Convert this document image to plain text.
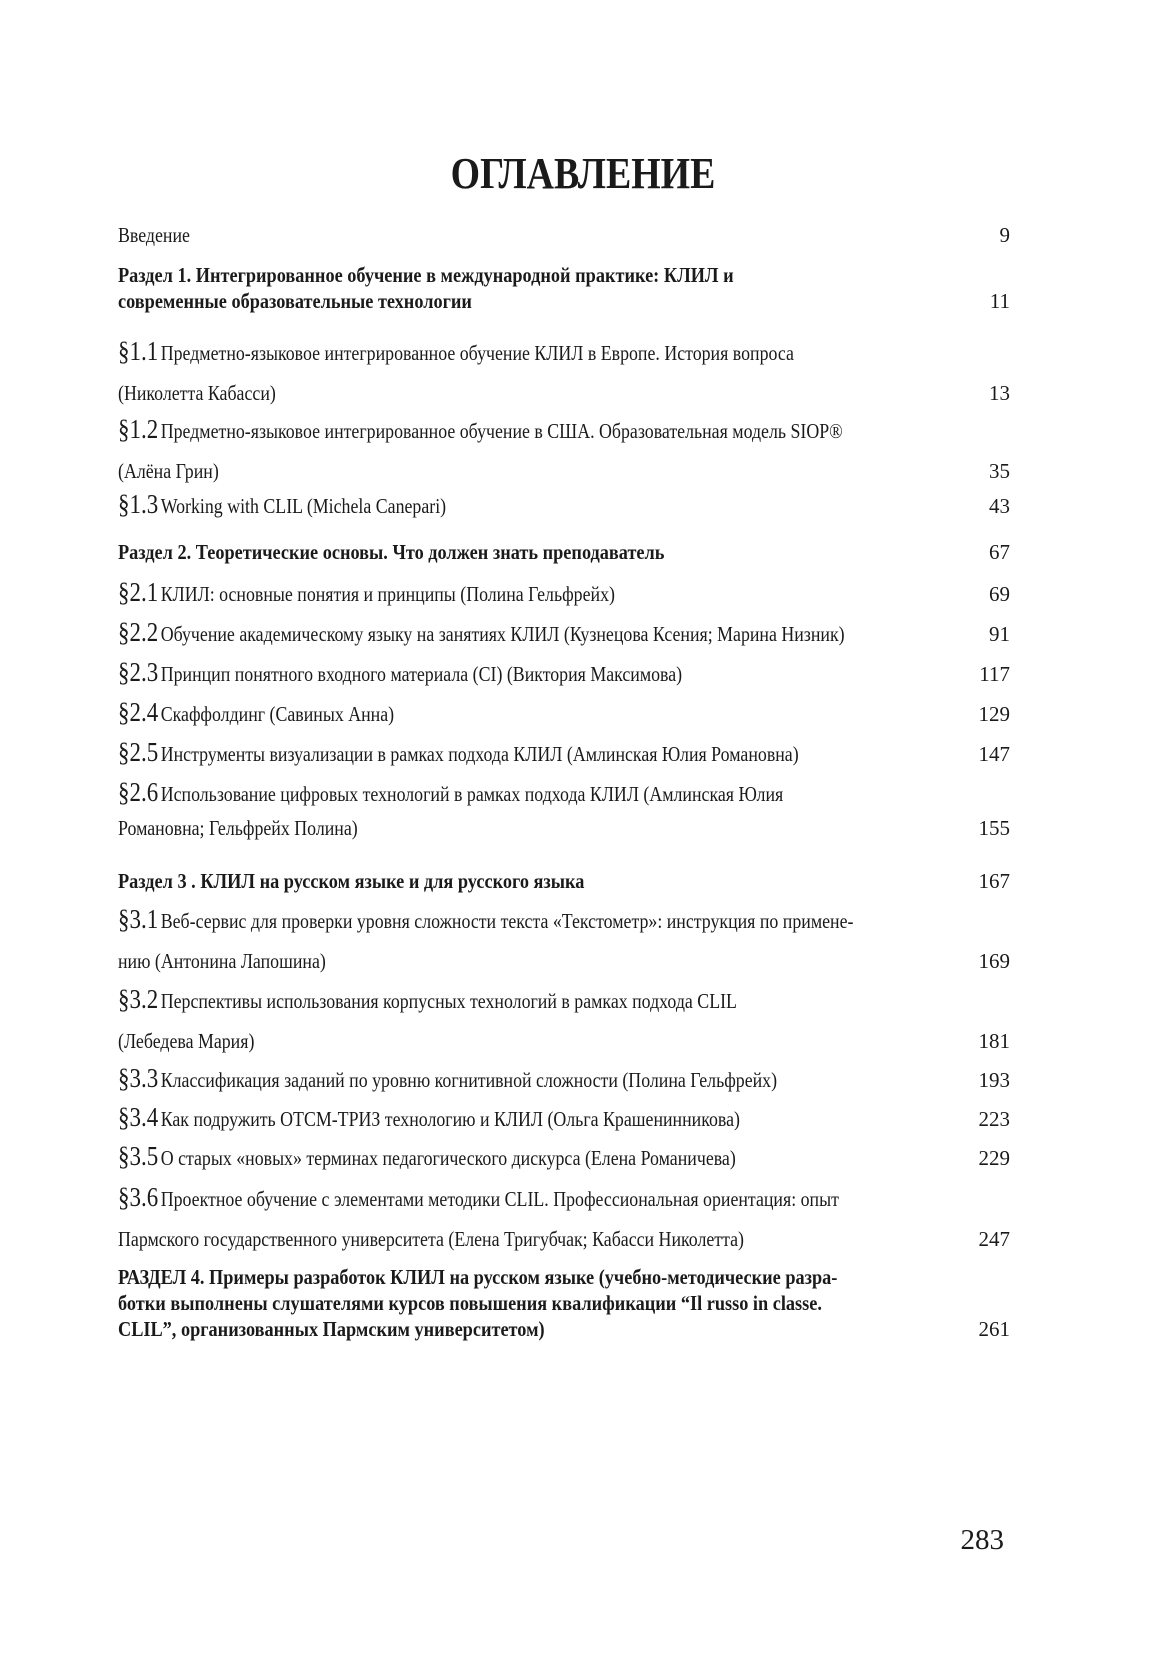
ОГЛАВЛЕНИЕ
Введение	9
Раздел 1. Интегрированное обучение в международной практике: КЛИЛ и
современные образовательные технологии	11
§1.1 Предметно-языковое интегрированное обучение КЛИЛ в Европе. История вопроса
(Николетта Кабасси)	13
§1.2 Предметно-языковое интегрированное обучение в США. Образовательная модель SIOP®
(Алёна Грин)	35
§1.3 Working with CLIL (Michela Canepari)	43
Раздел 2. Теоретические основы. Что должен знать преподаватель	67
§2.1 КЛИЛ: основные понятия и принципы (Полина Гельфрейх)	69
§2.2 Обучение академическому языку на занятиях КЛИЛ (Кузнецова Ксения; Марина Низник)	91
§2.3 Принцип понятного входного материала (CI) (Виктория Максимова)	117
§2.4 Скаффолдинг (Савиных Анна)	129
§2.5 Инструменты визуализации в рамках подхода КЛИЛ (Амлинская Юлия Романовна)	147
§2.6 Использование цифровых технологий в рамках подхода КЛИЛ (Амлинская Юлия
Романовна; Гельфрейх Полина)	155
Раздел 3 . КЛИЛ на русском языке и для русского языка	167
§3.1 Веб-сервис для проверки уровня сложности текста «Текстометр»: инструкция по примене-
нию (Антонина Лапошина)	169
§3.2 Перспективы использования корпусных технологий в рамках подхода CLIL
(Лебедева Мария)	181
§3.3 Классификация заданий по уровню когнитивной сложности (Полина Гельфрейх)	193
§3.4 Как подружить ОТСМ-ТРИЗ технологию и КЛИЛ (Ольга Крашенинникова)	223
§3.5 О старых «новых» терминах педагогического дискурса (Елена Романичева)	229
§3.6 Проектное обучение с элементами методики CLIL. Профессиональная ориентация: опыт
Пармского государственного университета (Елена Тригубчак; Кабасси Николетта)	247
РАЗДЕЛ 4. Примеры разработок КЛИЛ на русском языке (учебно-методические разра-
ботки выполнены слушателями курсов повышения квалификации “Il russo in classe.
CLIL”, организованных Пармским университетом)	261
283
